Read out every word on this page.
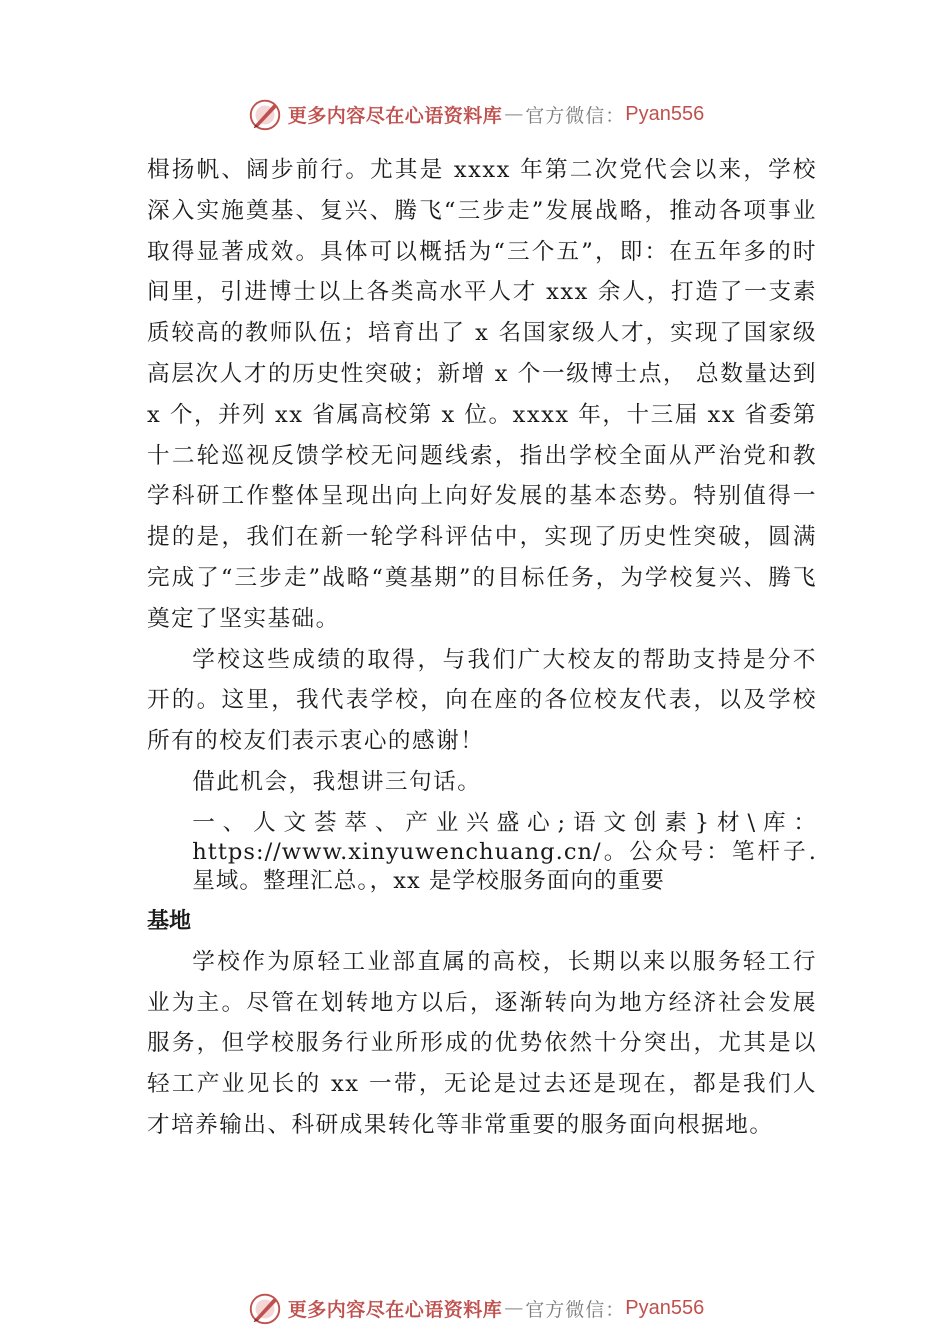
更多内容尽在心语资料库 — 官方微信： Pyan556

楫扬帆、阔步前行。尤其是 xxxx 年第二次党代会以来，学校深入实施奠基、复兴、腾飞“三步走”发展战略，推动各项事业取得显著成效。具体可以概括为“三个五”，即：在五年多的时间里，引进博士以上各类高水平人才 xxx 余人，打造了一支素质较高的教师队伍；培育出了 x 名国家级人才，实现了国家级高层次人才的历史性突破；新增 x 个一级博士点， 总数量达到 x 个，并列 xx 省属高校第 x 位。xxxx 年，十三届 xx 省委第十二轮巡视反馈学校无问题线索，指出学校全面从严治党和教学科研工作整体呈现出向上向好发展的基本态势。特别值得一提的是，我们在新一轮学科评估中，实现了历史性突破，圆满完成了“三步走”战略“奠基期”的目标任务，为学校复兴、腾飞奠定了坚实基础。

学校这些成绩的取得，与我们广大校友的帮助支持是分不开的。这里，我代表学校，向在座的各位校友代表，以及学校所有的校友们表示衷心的感谢！

借此机会，我想讲三句话。

一、人文荟萃、产业兴盛心;语文创素}材\库：https://www.xinyuwenchuang.cn/。公众号：笔杆子.星域。整理汇总。，xx 是学校服务面向的重要

基地

学校作为原轻工业部直属的高校，长期以来以服务轻工行业为主。尽管在划转地方以后，逐渐转向为地方经济社会发展服务，但学校服务行业所形成的优势依然十分突出，尤其是以轻工产业见长的 xx 一带，无论是过去还是现在，都是我们人才培养输出、科研成果转化等非常重要的服务面向根据地。

更多内容尽在心语资料库 — 官方微信： Pyan556
